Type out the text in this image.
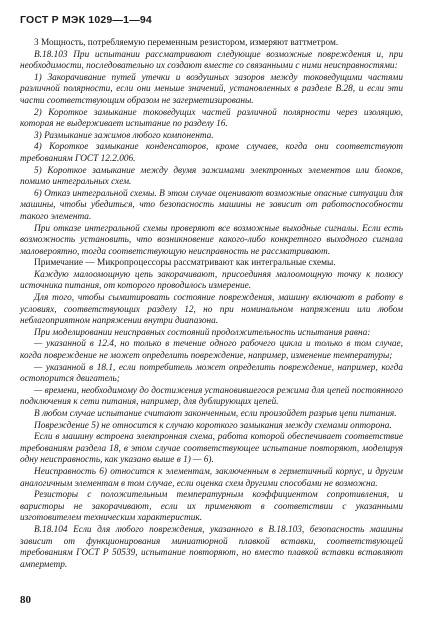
ГОСТ Р МЭК 1029—1—94

3 Мощность, потребляемую переменным резистором, измеряют ваттметром.

В.18.103 При испытании рассматривают следующие возможные повреждения и, при необходимости, последовательно их создают вместе со связанными с ними неисправностями:

1) Закорачивание путей утечки и воздушных зазоров между токоведущими частями различной полярности, если они меньше значений, установленных в разделе В.28, и если эти части соответствующим образом не загерметизированы.

2) Короткое замыкание токоведущих частей различной полярности через изоляцию, которая не выдерживает испытание по разделу 16.

3) Размыкание зажимов любого компонента.

4) Короткое замыкание конденсаторов, кроме случаев, когда они соответствуют требованиям ГОСТ 12.2.006.

5) Короткое замыкание между двумя зажимами электронных элементов или блоков, помимо интегральных схем.

6) Отказ интегральной схемы. В этом случае оценивают возможные опасные ситуации для машины, чтобы убедиться, что безопасность машины не зависит от работоспособности такого элемента.

При отказе интегральной схемы проверяют все возможные выходные сигналы. Если есть возможность установить, что возникновение какого-либо конкретного выходного сигнала маловероятно, тогда соответствующую неисправность не рассматривают.

Примечание — Микропроцессоры рассматривают как интегральные схемы.

Каждую малоомощную цепь закорачивают, присоединяя малоомощную точку к полюсу источника питания, от которого проводилось измерение.

Для того, чтобы сымитировать состояние повреждения, машину включают в работу в условиях, соответствующих разделу 12, но при номинальном напряжении или любом неблагоприятном напряжении внутри диапазона.

При моделировании неисправных состояний продолжительность испытания равна:

— указанной в 12.4, но только в течение одного рабочего цикла и только в том случае, когда повреждение не может определить повреждение, например, изменение температуры;

— указанной в 18.1, если потребитель может определить повреждение, например, когда остопорится двигатель;

— времени, необходимому до достижения установившегося режима для цепей постоянного подключения к сети питания, например, для дублирующих цепей.

В любом случае испытание считают законченным, если произойдет разрыв цепи питания.

Повреждение 5) не относится к случаю короткого замыкания между схемами опторона.

Если в машину встроена электронная схема, работа которой обеспечивает соответствие требованиям раздела 18, в этом случае соответствующее испытание повторяют, моделируя одну неисправность, как указано выше в 1) — 6).

Неисправность 6) относится к элементам, заключенным в герметичный корпус, и другим аналогичным элементам в том случае, если оценка схем другими способами не возможна.

Резисторы с положительным температурным коэффициентом сопротивления, и варисторы не закорачивают, если их применяют в соответствии с указанными изготовителем техническим характеристик.

В.18.104 Если для любого повреждения, указанного в В.18.103, безопасность машины зависит от функционирования миниатюрной плавкой вставки, соответствующей требованиям ГОСТ Р 50539, испытание повторяют, но вместо плавкой вставки вставляют амперметр.

80
